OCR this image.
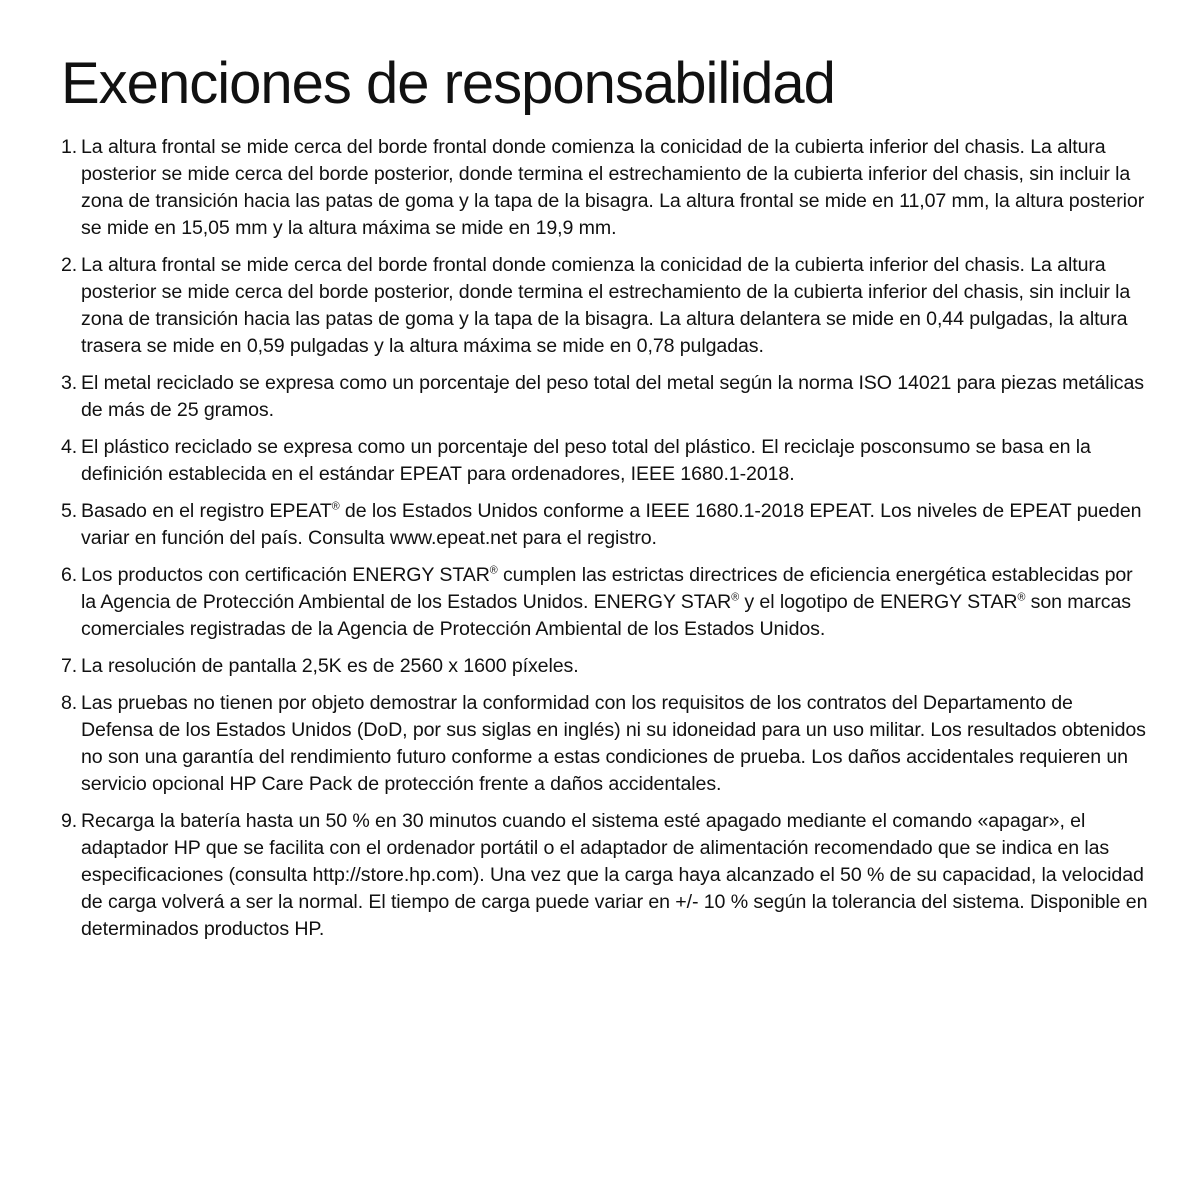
Exenciones de responsabilidad
1. La altura frontal se mide cerca del borde frontal donde comienza la conicidad de la cubierta inferior del chasis. La altura posterior se mide cerca del borde posterior, donde termina el estrechamiento de la cubierta inferior del chasis, sin incluir la zona de transición hacia las patas de goma y la tapa de la bisagra. La altura frontal se mide en 11,07 mm, la altura posterior se mide en 15,05 mm y la altura máxima se mide en 19,9 mm.
2. La altura frontal se mide cerca del borde frontal donde comienza la conicidad de la cubierta inferior del chasis. La altura posterior se mide cerca del borde posterior, donde termina el estrechamiento de la cubierta inferior del chasis, sin incluir la zona de transición hacia las patas de goma y la tapa de la bisagra. La altura delantera se mide en 0,44 pulgadas, la altura trasera se mide en 0,59 pulgadas y la altura máxima se mide en 0,78 pulgadas.
3. El metal reciclado se expresa como un porcentaje del peso total del metal según la norma ISO 14021 para piezas metálicas de más de 25 gramos.
4. El plástico reciclado se expresa como un porcentaje del peso total del plástico. El reciclaje posconsumo se basa en la definición establecida en el estándar EPEAT para ordenadores, IEEE 1680.1-2018.
5. Basado en el registro EPEAT® de los Estados Unidos conforme a IEEE 1680.1-2018 EPEAT. Los niveles de EPEAT pueden variar en función del país. Consulta www.epeat.net para el registro.
6. Los productos con certificación ENERGY STAR® cumplen las estrictas directrices de eficiencia energética establecidas por la Agencia de Protección Ambiental de los Estados Unidos. ENERGY STAR® y el logotipo de ENERGY STAR® son marcas comerciales registradas de la Agencia de Protección Ambiental de los Estados Unidos.
7. La resolución de pantalla 2,5K es de 2560 x 1600 píxeles.
8. Las pruebas no tienen por objeto demostrar la conformidad con los requisitos de los contratos del Departamento de Defensa de los Estados Unidos (DoD, por sus siglas en inglés) ni su idoneidad para un uso militar. Los resultados obtenidos no son una garantía del rendimiento futuro conforme a estas condiciones de prueba. Los daños accidentales requieren un servicio opcional HP Care Pack de protección frente a daños accidentales.
9. Recarga la batería hasta un 50 % en 30 minutos cuando el sistema esté apagado mediante el comando «apagar», el adaptador HP que se facilita con el ordenador portátil o el adaptador de alimentación recomendado que se indica en las especificaciones (consulta http://store.hp.com). Una vez que la carga haya alcanzado el 50 % de su capacidad, la velocidad de carga volverá a ser la normal. El tiempo de carga puede variar en +/- 10 % según la tolerancia del sistema. Disponible en determinados productos HP.
